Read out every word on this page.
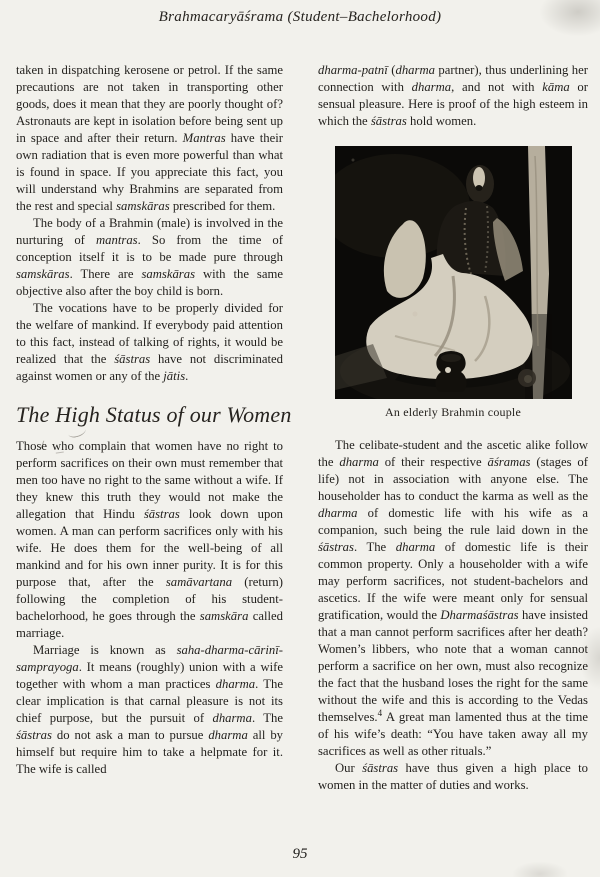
Brahmacaryāśrama (Student–Bachelorhood)

taken in dispatching kerosene or petrol. If the same precautions are not taken in transporting other goods, does it mean that they are poorly thought of? Astronauts are kept in isolation before being sent up in space and after their return. Mantras have their own radiation that is even more powerful than what is found in space. If you appreciate this fact, you will understand why Brahmins are separated from the rest and special samskāras prescribed for them.

The body of a Brahmin (male) is involved in the nurturing of mantras. So from the time of conception itself it is to be made pure through samskāras. There are samskāras with the same objective also after the boy child is born.

The vocations have to be properly divided for the welfare of mankind. If everybody paid attention to this fact, instead of talking of rights, it would be realized that the śāstras have not discriminated against women or any of the jātis.

The High Status of our Women

Those who complain that women have no right to perform sacrifices on their own must remember that men too have no right to the same without a wife. If they knew this truth they would not make the allegation that Hindu śāstras look down upon women. A man can perform sacrifices only with his wife. He does them for the well-being of all mankind and for his own inner purity. It is for this purpose that, after the samāvartana (return) following the completion of his student-bachelorhood, he goes through the samskāra called marriage.

Marriage is known as saha-dharma-cārinī-samprayoga. It means (roughly) union with a wife together with whom a man practices dharma. The clear implication is that carnal pleasure is not its chief purpose, but the pursuit of dharma. The śāstras do not ask a man to pursue dharma all by himself but require him to take a helpmate for it. The wife is called

dharma-patnī (dharma partner), thus underlining her connection with dharma, and not with kāma or sensual pleasure. Here is proof of the high esteem in which the śāstras hold women.

An elderly Brahmin couple

The celibate-student and the ascetic alike follow the dharma of their respective āśramas (stages of life) not in association with anyone else. The householder has to conduct the karma as well as the dharma of domestic life with his wife as a companion, such being the rule laid down in the śāstras. The dharma of domestic life is their common property. Only a householder with a wife may perform sacrifices, not student-bachelors and ascetics. If the wife were meant only for sensual gratification, would the Dharmaśāstras have insisted that a man cannot perform sacrifices after her death? Women’s libbers, who note that a woman cannot perform a sacrifice on her own, must also recognize the fact that the husband loses the right for the same without the wife and this is according to the Vedas themselves.$^4$ A great man lamented thus at the time of his wife’s death: “You have taken away all my sacrifices as well as other rituals.”

Our śāstras have thus given a high place to women in the matter of duties and works.

95
